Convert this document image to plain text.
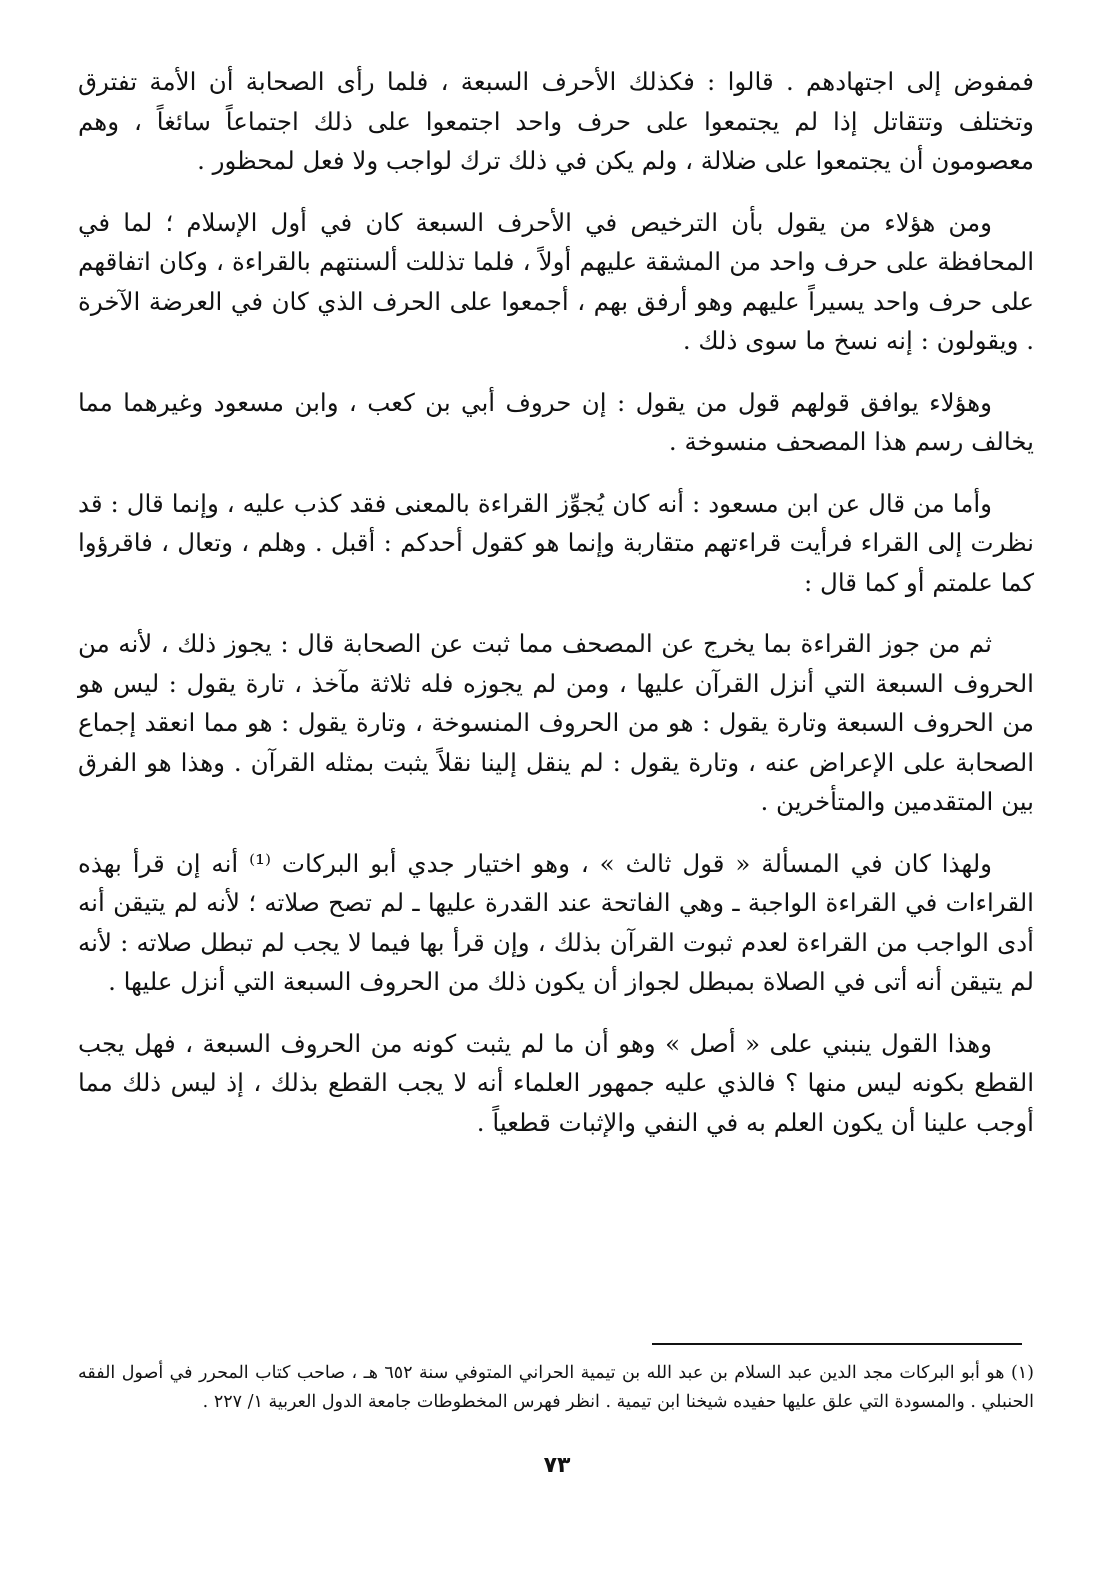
فمفوض إلى اجتهادهم . قالوا : فكذلك الأحرف السبعة ، فلما رأى الصحابة أن الأمة تفترق وتختلف وتتقاتل إذا لم يجتمعوا على حرف واحد اجتمعوا على ذلك اجتماعاً سائغاً ، وهم معصومون أن يجتمعوا على ضلالة ، ولم يكن في ذلك ترك لواجب ولا فعل لمحظور .

ومن هؤلاء من يقول بأن الترخيص في الأحرف السبعة كان في أول الإسلام ؛ لما في المحافظة على حرف واحد من المشقة عليهم أولاً ، فلما تذللت ألسنتهم بالقراءة ، وكان اتفاقهم على حرف واحد يسيراً عليهم وهو أرفق بهم ، أجمعوا على الحرف الذي كان في العرضة الآخرة . ويقولون : إنه نسخ ما سوى ذلك .

وهؤلاء يوافق قولهم قول من يقول : إن حروف أبي بن كعب ، وابن مسعود وغيرهما مما يخالف رسم هذا المصحف منسوخة .

وأما من قال عن ابن مسعود : أنه كان يُجوِّز القراءة بالمعنى فقد كذب عليه ، وإنما قال : قد نظرت إلى القراء فرأيت قراءتهم متقاربة وإنما هو كقول أحدكم : أقبل . وهلم ، وتعال ، فاقرؤوا كما علمتم أو كما قال :

ثم من جوز القراءة بما يخرج عن المصحف مما ثبت عن الصحابة قال : يجوز ذلك ، لأنه من الحروف السبعة التي أنزل القرآن عليها ، ومن لم يجوزه فله ثلاثة مآخذ ، تارة يقول : ليس هو من الحروف السبعة وتارة يقول : هو من الحروف المنسوخة ، وتارة يقول : هو مما انعقد إجماع الصحابة على الإعراض عنه ، وتارة يقول : لم ينقل إلينا نقلاً يثبت بمثله القرآن . وهذا هو الفرق بين المتقدمين والمتأخرين .

ولهذا كان في المسألة « قول ثالث » ، وهو اختيار جدي أبو البركات ⁽¹⁾ أنه إن قرأ بهذه القراءات في القراءة الواجبة ـ وهي الفاتحة عند القدرة عليها ـ لم تصح صلاته ؛ لأنه لم يتيقن أنه أدى الواجب من القراءة لعدم ثبوت القرآن بذلك ، وإن قرأ بها فيما لا يجب لم تبطل صلاته : لأنه لم يتيقن أنه أتى في الصلاة بمبطل لجواز أن يكون ذلك من الحروف السبعة التي أنزل عليها .

وهذا القول ينبني على « أصل » وهو أن ما لم يثبت كونه من الحروف السبعة ، فهل يجب القطع بكونه ليس منها ؟ فالذي عليه جمهور العلماء أنه لا يجب القطع بذلك ، إذ ليس ذلك مما أوجب علينا أن يكون العلم به في النفي والإثبات قطعياً .

(١) هو أبو البركات مجد الدين عبد السلام بن عبد الله بن تيمية الحراني المتوفي سنة ٦٥٢ هـ ، صاحب كتاب المحرر في أصول الفقه الحنبلي . والمسودة التي علق عليها حفيده شيخنا ابن تيمية . انظر فهرس المخطوطات جامعة الدول العربية ١/ ٢٢٧ .

٧٣
